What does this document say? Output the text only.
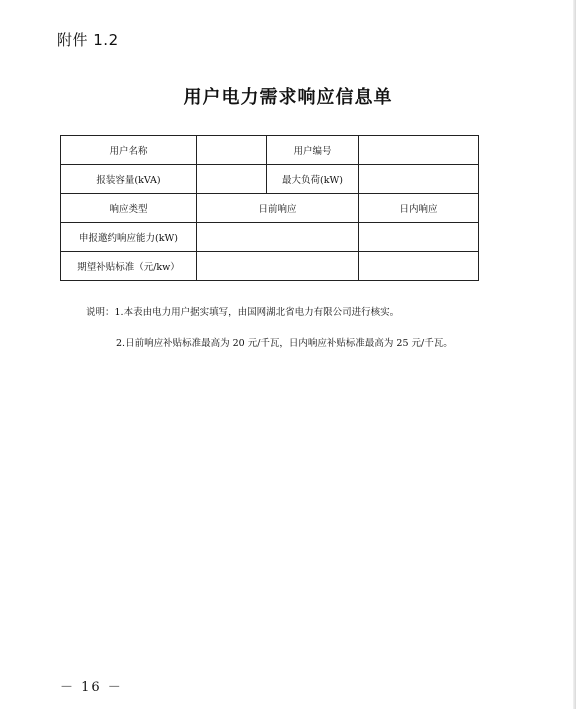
附件 1.2
用户电力需求响应信息单
用户名称		用户编号	
报装容量(kVA)		最大负荷(kW)	
响应类型	日前响应		日内响应
申报邀约响应能力(kW)			
期望补贴标准（元/kw）			
说明：1.本表由电力用户据实填写，由国网湖北省电力有限公司进行核实。
2.日前响应补贴标准最高为 20 元/千瓦，日内响应补贴标准最高为 25 元/千瓦。
－ 16 －
